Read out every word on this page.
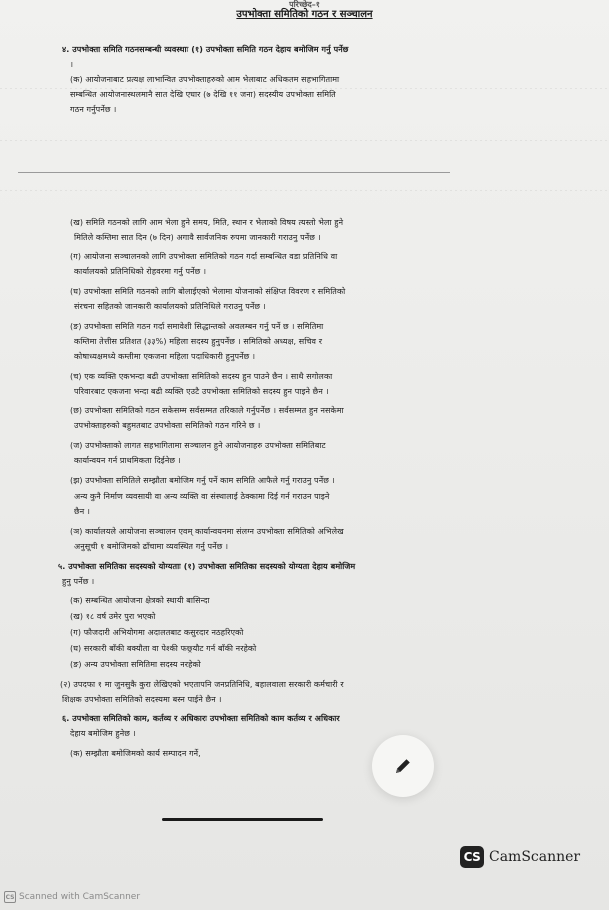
परिच्छेद–१
उपभोक्ता समितिको गठन र सञ्चालन
४. उपभोक्ता समिति गठनसम्बन्धी व्यवस्थाः (१) उपभोक्ता समिति गठन देहाय बमोजिम गर्नु पर्नेछ
।
(क) आयोजनाबाट प्रत्यक्ष लाभान्वित उपभोक्ताहरुको आम भेलाबाट अधिकतम सहभागितामा
सम्बन्धित आयोजनास्थलमानै सात देखि एघार (७ देखि ११ जना) सदस्यीय उपभोक्ता समिति
गठन गर्नुपर्नेछ ।
(ख) समिति गठनको लागि आम भेला हुने समय, मिति, स्थान र भेलाको विषय त्यस्तो भेला हुने
मितिले कम्तिमा सात दिन (७ दिन) अगावै सार्वजनिक रुपमा जानकारी गराउनु पर्नेछ ।
(ग) आयोजना सञ्चालनको लागि उपभोक्ता समितिको गठन गर्दा सम्बन्धित वडा प्रतिनिधि वा
कार्यालयको प्रतिनिधिको रोहवरमा गर्नु पर्नेछ ।
(घ) उपभोक्ता समिति गठनको लागि बोलाईएको भेलामा योजनाको संक्षिप्त विवरण र समितिको
संरचना सहितको जानकारी कार्यालयको प्रतिनिधिले गराउनु पर्नेछ ।
(ङ) उपभोक्ता समिति गठन गर्दा समावेशी सिद्धान्तको अवलम्बन गर्नु पर्ने छ । समितिमा
कम्तिमा तेत्तीस प्रतिशत (३३%) महिला सदस्य हुनुपर्नेछ । समितिको अध्यक्ष, सचिव र
कोषाध्यक्षमध्ये कम्तीमा एकजना महिला पदाधिकारी हुनुपर्नेछ ।
(च) एक व्यक्ति एकभन्दा बढी उपभोक्ता समितिको सदस्य हुन पाउने छैन । साथै सगोलका
परिवारबाट एकजना भन्दा बढी व्यक्ति एउटै उपभोक्ता समितिको सदस्य हुन पाइने छैन ।
(छ) उपभोक्ता समितिको गठन सकेसम्म सर्वसम्मत तरिकाले गर्नुपर्नेछ । सर्वसम्मत हुन नसकेमा
उपभोक्ताहरुको बहुमतबाट उपभोक्ता समितिको गठन गरिने छ ।
(ज) उपभोक्ताको लागत सहभागितामा सञ्चालन हुने आयोजनाहरु उपभोक्ता समितिबाट
कार्यान्वयन गर्न प्राथमिकता दिईनेछ ।
(झ) उपभोक्ता समितिले सम्झौता बमोजिम गर्नु पर्ने काम समिति आफैले गर्नु गराउनु पर्नेछ ।
अन्य कुनै निर्माण व्यवसायी वा अन्य व्यक्ति वा संस्थालाई ठेक्कामा दिई गर्न गराउन पाइने
छैन ।
(ञ) कार्यालयले आयोजना सञ्चालन एवम् कार्यान्वयनमा संलग्न उपभोक्ता समितिको अभिलेख
अनुसूची १ बमोजिमको ढाँचामा व्यवस्थित गर्नु पर्नेछ ।
५. उपभोक्ता समितिका सदस्यको योग्यताः (१) उपभोक्ता समितिका सदस्यको योग्यता देहाय बमोजिम
हुनु पर्नेछ ।
(क) सम्बन्धित आयोजना क्षेत्रको स्थायी बासिन्दा
(ख) १८ वर्ष उमेर पुरा भएको
(ग) फौजदारी अभियोगमा अदालतबाट कसुरदार नठहरिएको
(घ) सरकारी बाँकी बक्यौता वा पेश्की फछ्र्यौट गर्न बाँकी नरहेको
(ङ) अन्य उपभोक्ता समितिमा सदस्य नरहेको
(२) उपदफा १ मा जुनसुकै कुरा लेखिएको भएतापनि जनप्रतिनिधि, बहालवाला सरकारी कर्मचारी र
शिक्षक उपभोक्ता समितिको सदस्यमा बस्न पाईने छैन ।
६. उपभोक्ता समितिको काम, कर्तव्य र अधिकारः उपभोक्ता समितिको काम कर्तव्य र अधिकार
देहाय बमोजिम हुनेछ ।
(क) सम्झौता बमोजिमको कार्य सम्पादन गर्ने,
CS CamScanner
CS Scanned with CamScanner
